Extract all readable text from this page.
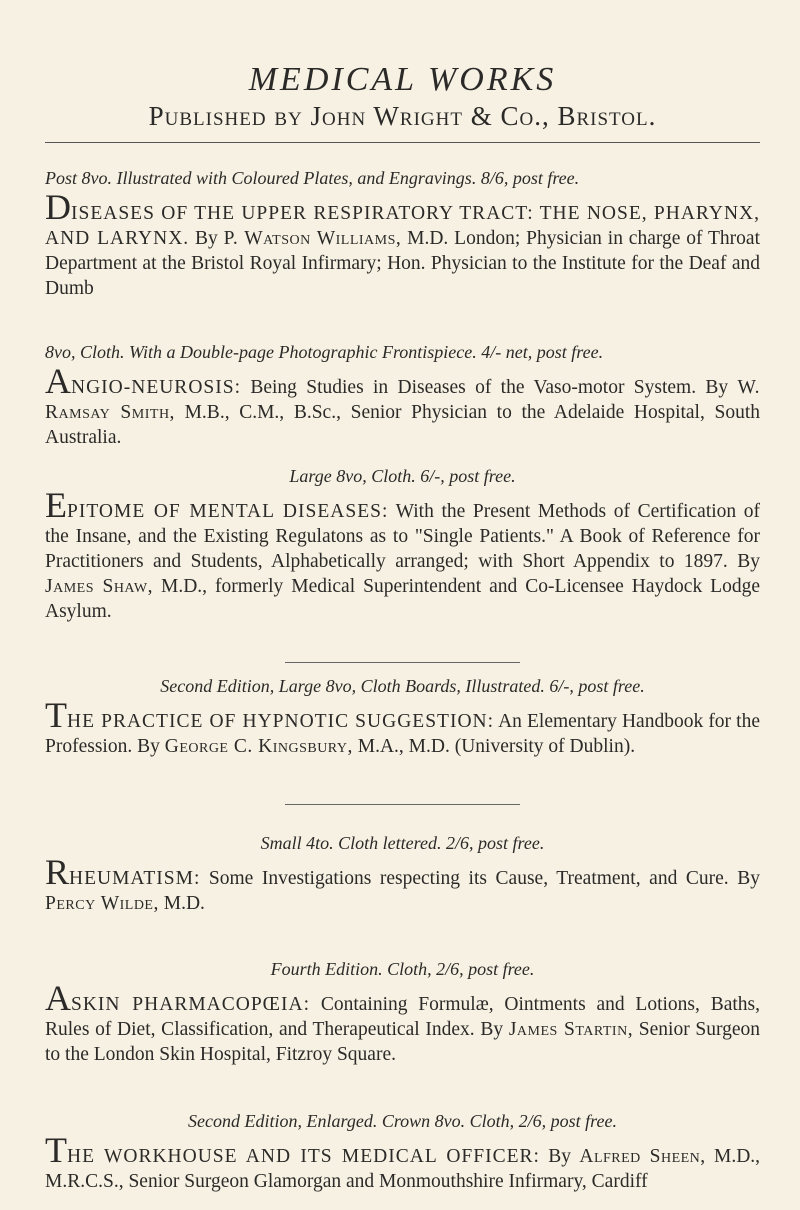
MEDICAL WORKS
Published by John Wright & Co., Bristol.
Post 8vo. Illustrated with Coloured Plates, and Engravings. 8/6, post free.

DISEASES OF THE UPPER RESPIRATORY TRACT: THE NOSE, PHARYNX, AND LARYNX. By P. Watson Williams, M.D. London; Physician in charge of Throat Department at the Bristol Royal Infirmary; Hon. Physician to the Institute for the Deaf and Dumb

8vo, Cloth. With a Double-page Photographic Frontispiece. 4/- net, post free.

ANGIO-NEUROSIS: Being Studies in Diseases of the Vaso-motor System. By W. Ramsay Smith, M.B., C.M., B.Sc., Senior Physician to the Adelaide Hospital, South Australia.

Large 8vo, Cloth. 6/-, post free.

EPITOME OF MENTAL DISEASES: With the Present Methods of Certification of the Insane, and the Existing Regulatons as to "Single Patients." A Book of Reference for Practitioners and Students, Alphabetically arranged; with Short Appendix to 1897. By James Shaw, M.D., formerly Medical Superintendent and Co-Licensee Haydock Lodge Asylum.

Second Edition, Large 8vo, Cloth Boards, Illustrated. 6/-, post free.

THE PRACTICE OF HYPNOTIC SUGGESTION: An Elementary Handbook for the Profession. By George C. Kingsbury, M.A., M.D. (University of Dublin).

Small 4to. Cloth lettered. 2/6, post free.

RHEUMATISM: Some Investigations respecting its Cause, Treatment, and Cure. By Percy Wilde, M.D.

Fourth Edition. Cloth, 2/6, post free.

ASKIN PHARMACOPŒIA: Containing Formulæ, Ointments and Lotions, Baths, Rules of Diet, Classification, and Therapeutical Index. By James Startin, Senior Surgeon to the London Skin Hospital, Fitzroy Square.

Second Edition, Enlarged. Crown 8vo. Cloth, 2/6, post free.

THE WORKHOUSE AND ITS MEDICAL OFFICER: By Alfred Sheen, M.D., M.R.C.S., Senior Surgeon Glamorgan and Monmouthshire Infirmary, Cardiff
